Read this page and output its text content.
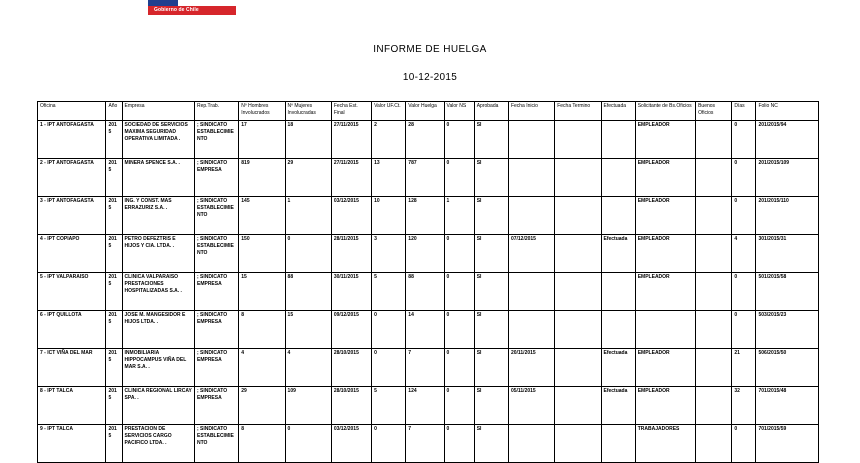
Gobierno de Chile
INFORME DE HUELGA
10-12-2015
Oficina	Año	Empresa	Rep.Trab.	Nº Hombres Involucrados	Nº Mujeres Involucradas	Fecha Est. Final	Valor UF.Ct.	Valor Huelga	Valor NS	Aprobada	Fecha Inicio	Fecha Termino	Efectuada	Solicitante de Bs.Oficios	Buenos Oficios	Días	Folio NC
1 - IPT ANTOFAGASTA	2015	SOCIEDAD DE SERVICIOS MAXIMA SEGURIDAD OPERATIVA LIMITADA .	; SINDICATO ESTABLECIMIENTO	17	18	27/11/2015	2	28	0	SI				EMPLEADOR		0	201/2015/94
2 - IPT ANTOFAGASTA	2015	MINERA SPENCE S.A. .	; SINDICATO EMPRESA	819	29	27/11/2015	13	787	0	SI				EMPLEADOR		0	201/2015/109
3 - IPT ANTOFAGASTA	2015	ING. Y CONST. MAS ERRAZURIZ S.A. .	; SINDICATO ESTABLECIMIENTO	145	1	03/12/2015	10	128	1	SI				EMPLEADOR		0	201/2015/110
4 - IPT COPIAPO	2015	PETRO DEFEZTRIS E HIJOS Y CIA. LTDA. .	; SINDICATO ESTABLECIMIENTO	150	0	28/11/2015	3	120	0	SI	07/12/2015		Efectuada	EMPLEADOR		4	301/2015/31
5 - IPT VALPARAISO	2015	CLINICA VALPARAISO PRESTACIONES HOSPITALIZADAS S.A. .	; SINDICATO EMPRESA	15	88	30/11/2015	5	88	0	SI				EMPLEADOR		0	501/2015/58
6 - IPT QUILLOTA	2015	JOSE M. MANGESIDOR E HIJOS LTDA. .	; SINDICATO EMPRESA	8	15	09/12/2015	0	14	0	SI						0	503/2015/23
7 - ICT VIÑA DEL MAR	2015	INMOBILIARIA HIPPOCAMPUS VIÑA DEL MAR S.A. .	; SINDICATO EMPRESA	4	4	28/10/2015	0	7	0	SI	20/11/2015		Efectuada	EMPLEADOR		21	506/2015/50
8 - IPT TALCA	2015	CLINICA REGIONAL LIRCAY SPA. .	; SINDICATO EMPRESA	29	109	28/10/2015	5	124	0	SI	05/11/2015		Efectuada	EMPLEADOR		32	701/2015/48
9 - IPT TALCA	2015	PRESTACION DE SERVICIOS CARGO PACIFICO LTDA. .	; SINDICATO ESTABLECIMIENTO	8	0	03/12/2015	0	7	0	SI				TRABAJADORES		0	701/2015/59
